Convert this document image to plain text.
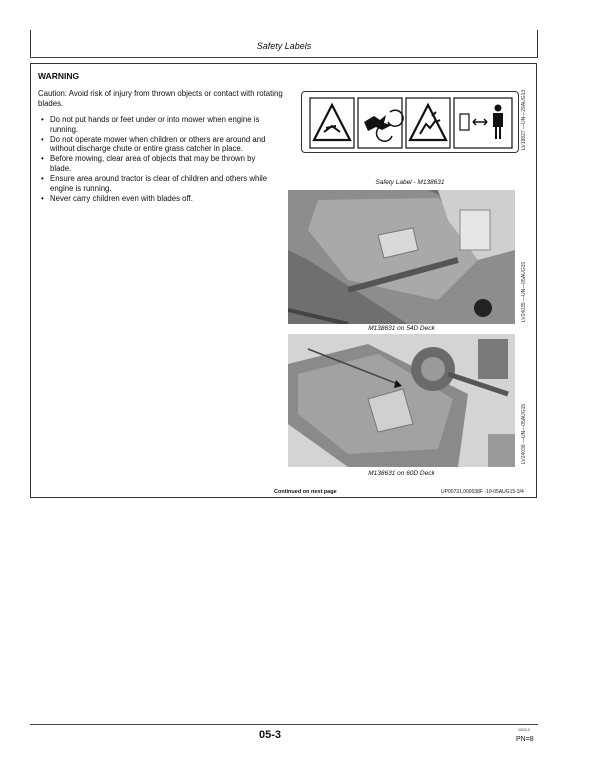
Safety Labels
WARNING
Caution: Avoid risk of injury from thrown objects or contact with rotating blades.
• Do not put hands or feet under or into mower when engine is running.
• Do not operate mower when children or others are around and without discharge chute or entire grass catcher in place.
• Before mowing, clear area of objects that may be thrown by blade.
• Ensure area around tractor is clear of children and others while engine is running.
• Never carry children even with blades off.
LV18827 —UN—29AUG13
Safety Label - M138631
LV24035 —UN—05AUG15
M138631 on 54D Deck
LV24038 —UN—05AUG15
M138631 on 60D Deck
Continued on next page	UP00731,000038F -19-05AUG15-3/4
05-3	080515
PN=8
